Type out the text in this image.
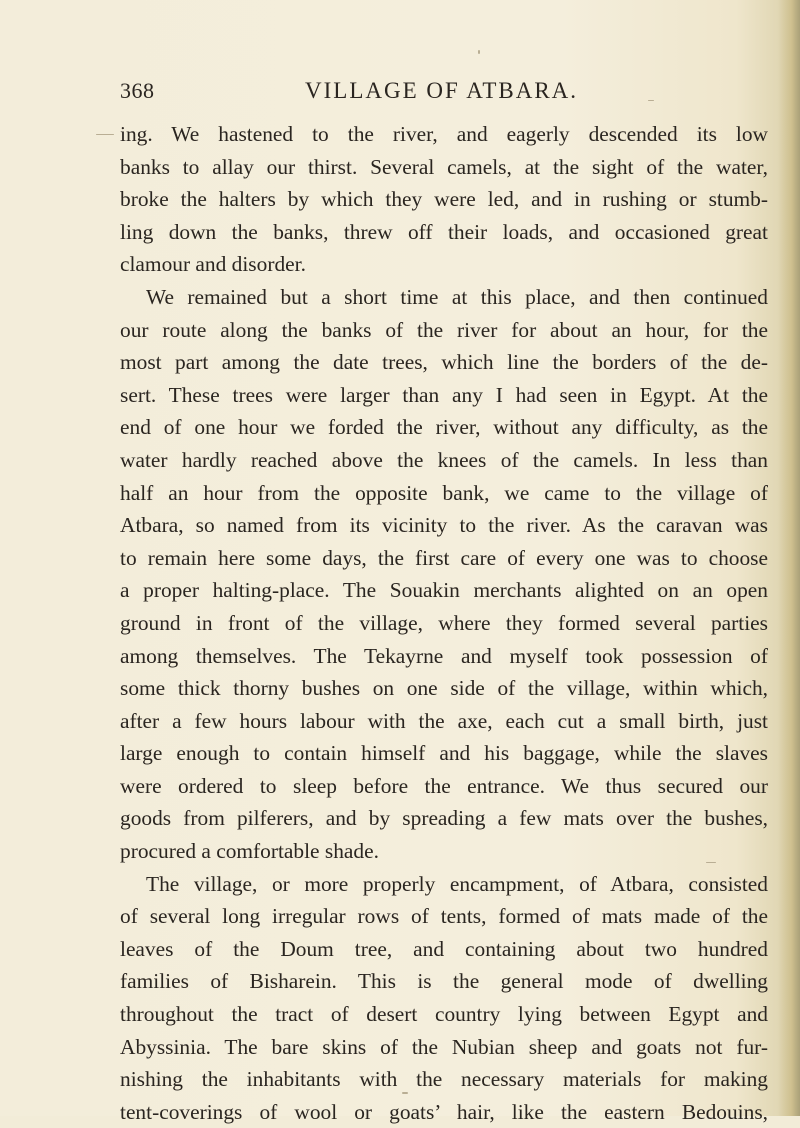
368	VILLAGE OF ATBARA.
ing. We hastened to the river, and eagerly descended its low
banks to allay our thirst. Several camels, at the sight of the water,
broke the halters by which they were led, and in rushing or stumb-
ling down the banks, threw off their loads, and occasioned great
clamour and disorder.
We remained but a short time at this place, and then continued
our route along the banks of the river for about an hour, for the
most part among the date trees, which line the borders of the de-
sert. These trees were larger than any I had seen in Egypt. At the
end of one hour we forded the river, without any difficulty, as the
water hardly reached above the knees of the camels. In less than
half an hour from the opposite bank, we came to the village of
Atbara, so named from its vicinity to the river. As the caravan was
to remain here some days, the first care of every one was to choose
a proper halting-place. The Souakin merchants alighted on an open
ground in front of the village, where they formed several parties
among themselves. The Tekayrne and myself took possession of
some thick thorny bushes on one side of the village, within which,
after a few hours labour with the axe, each cut a small birth, just
large enough to contain himself and his baggage, while the slaves
were ordered to sleep before the entrance. We thus secured our
goods from pilferers, and by spreading a few mats over the bushes,
procured a comfortable shade.
The village, or more properly encampment, of Atbara, consisted
of several long irregular rows of tents, formed of mats made of the
leaves of the Doum tree, and containing about two hundred
families of Bisharein. This is the general mode of dwelling
throughout the tract of desert country lying between Egypt and
Abyssinia. The bare skins of the Nubian sheep and goats not fur-
nishing the inhabitants with the necessary materials for making
tent-coverings of wool or goats’ hair, like the eastern Bedouins,
